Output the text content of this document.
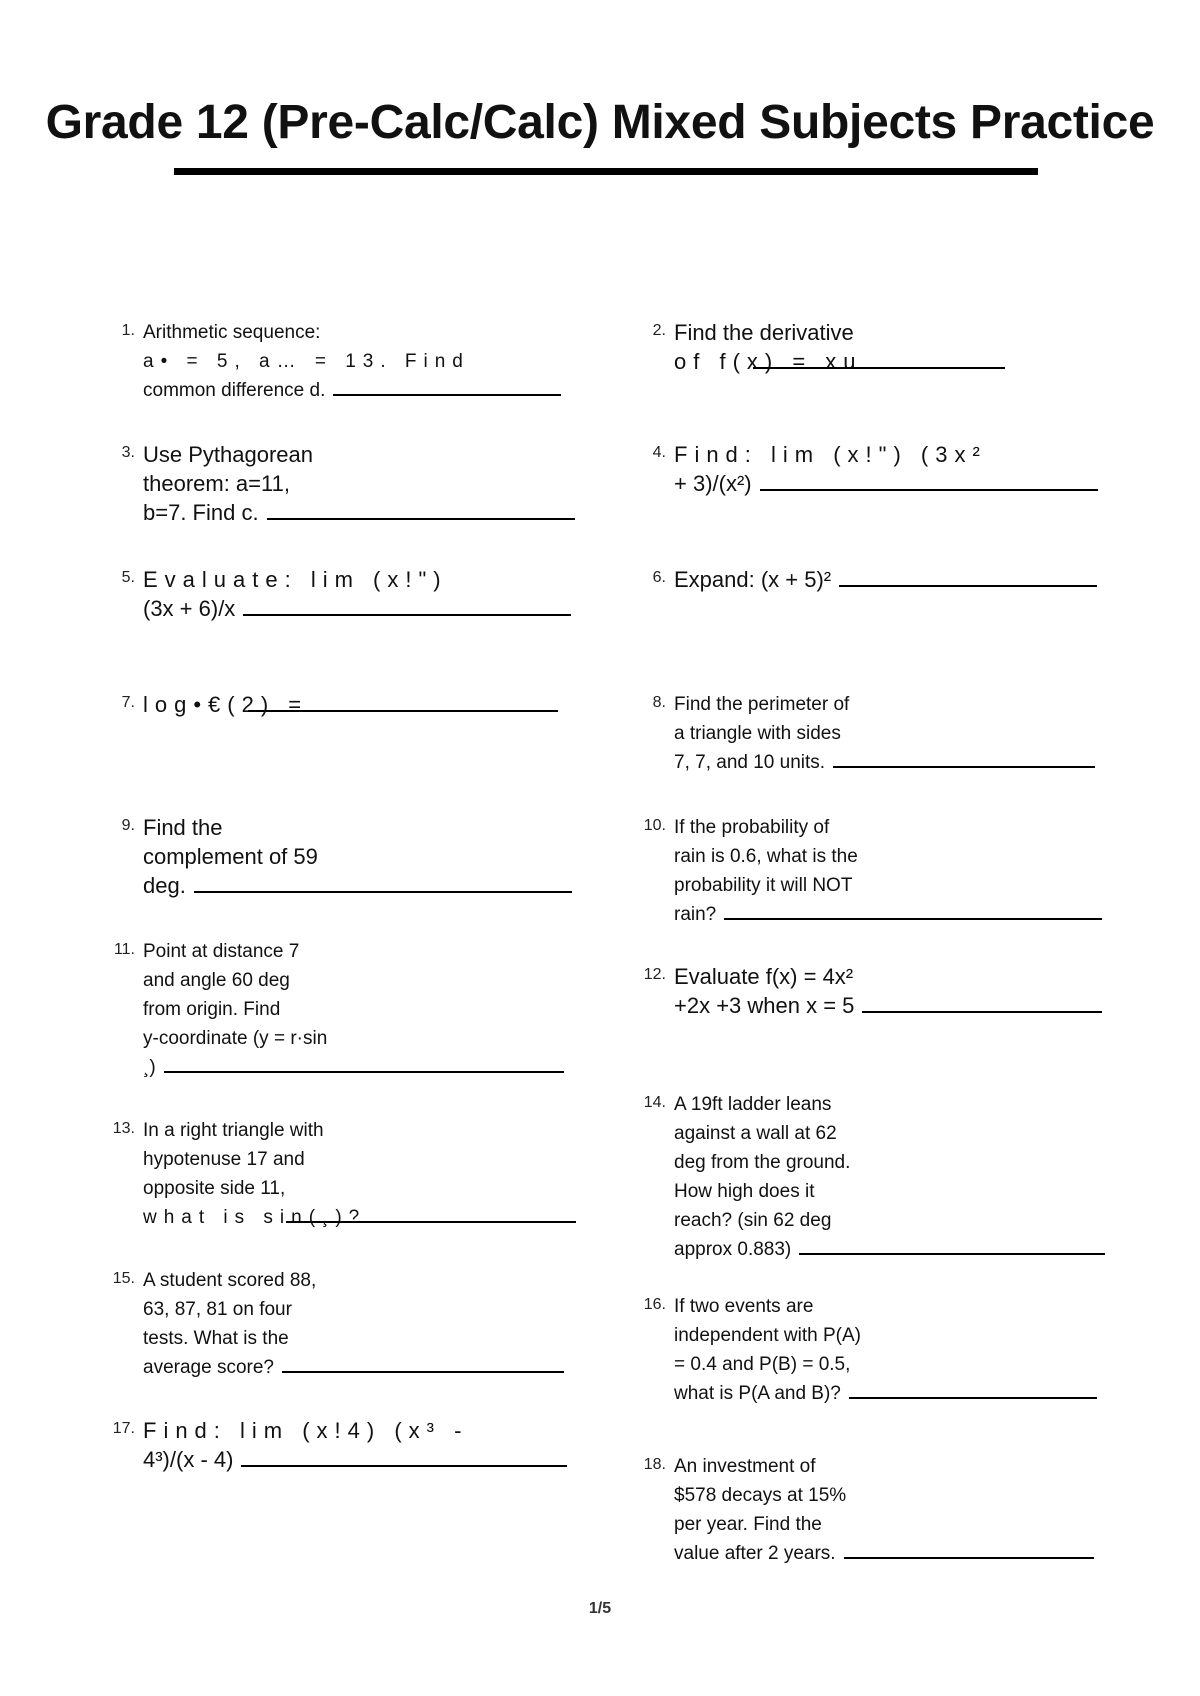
Grade 12 (Pre-Calc/Calc) Mixed Subjects Practice
1. Arithmetic sequence:
a• = 5, a… = 13. Find
common difference d.
2. Find the derivative
of f(x) = xu
3. Use Pythagorean
theorem: a=11,
b=7. Find c.
4. Find: lim (x!") (3x²
+ 3)/(x²)
5. Evaluate: lim (x!")
(3x + 6)/x
6. Expand: (x + 5)²
7. log•€(2) =	8. Find the perimeter of
a triangle with sides
7, 7, and 10 units.
9. Find the
complement of 59
deg.
10. If the probability of
rain is 0.6, what is the
probability it will NOT
rain?
11. Point at distance 7
and angle 60 deg
from origin. Find
y-coordinate (y = r·sin
¸)
12. Evaluate f(x) = 4x²
+2x +3 when x = 5
13. In a right triangle with
hypotenuse 17 and
opposite side 11,
what is sin(¸)?
14. A 19ft ladder leans
against a wall at 62
deg from the ground.
How high does it
reach? (sin 62 deg
approx 0.883)
15. A student scored 88,
63, 87, 81 on four
tests. What is the
average score?
16. If two events are
independent with P(A)
= 0.4 and P(B) = 0.5,
what is P(A and B)?
17. Find: lim (x!4) (x³ -
4³)/(x - 4)	18. An investment of
$578 decays at 15%
per year. Find the
value after 2 years.
1/5
